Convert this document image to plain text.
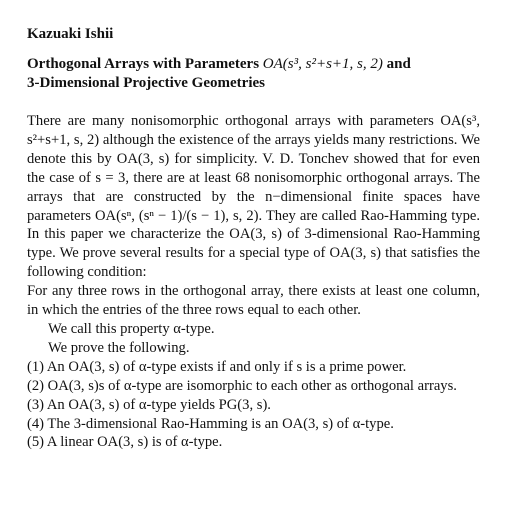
Kazuaki Ishii
Orthogonal Arrays with Parameters OA(s³, s²+s+1, s, 2) and
3-Dimensional Projective Geometries

There are many nonisomorphic orthogonal arrays with parameters OA(s³, s²+s+1, s, 2) although the existence of the arrays yields many restrictions. We denote this by OA(3, s) for simplicity. V. D. Tonchev showed that for even the case of s = 3, there are at least 68 nonisomorphic orthogonal arrays. The arrays that are constructed by the n−dimensional finite spaces have parameters OA(sⁿ, (sⁿ − 1)/(s − 1), s, 2). They are called Rao-Hamming type. In this paper we characterize the OA(3, s) of 3-dimensional Rao-Hamming type. We prove several results for a special type of OA(3, s) that satisfies the following condition:

For any three rows in the orthogonal array, there exists at least one column, in which the entries of the three rows equal to each other.

We call this property α-type.

We prove the following.

(1) An OA(3, s) of α-type exists if and only if s is a prime power.

(2) OA(3, s)s of α-type are isomorphic to each other as orthogonal arrays.

(3) An OA(3, s) of α-type yields PG(3, s).

(4) The 3-dimensional Rao-Hamming is an OA(3, s) of α-type.

(5) A linear OA(3, s) is of α-type.
